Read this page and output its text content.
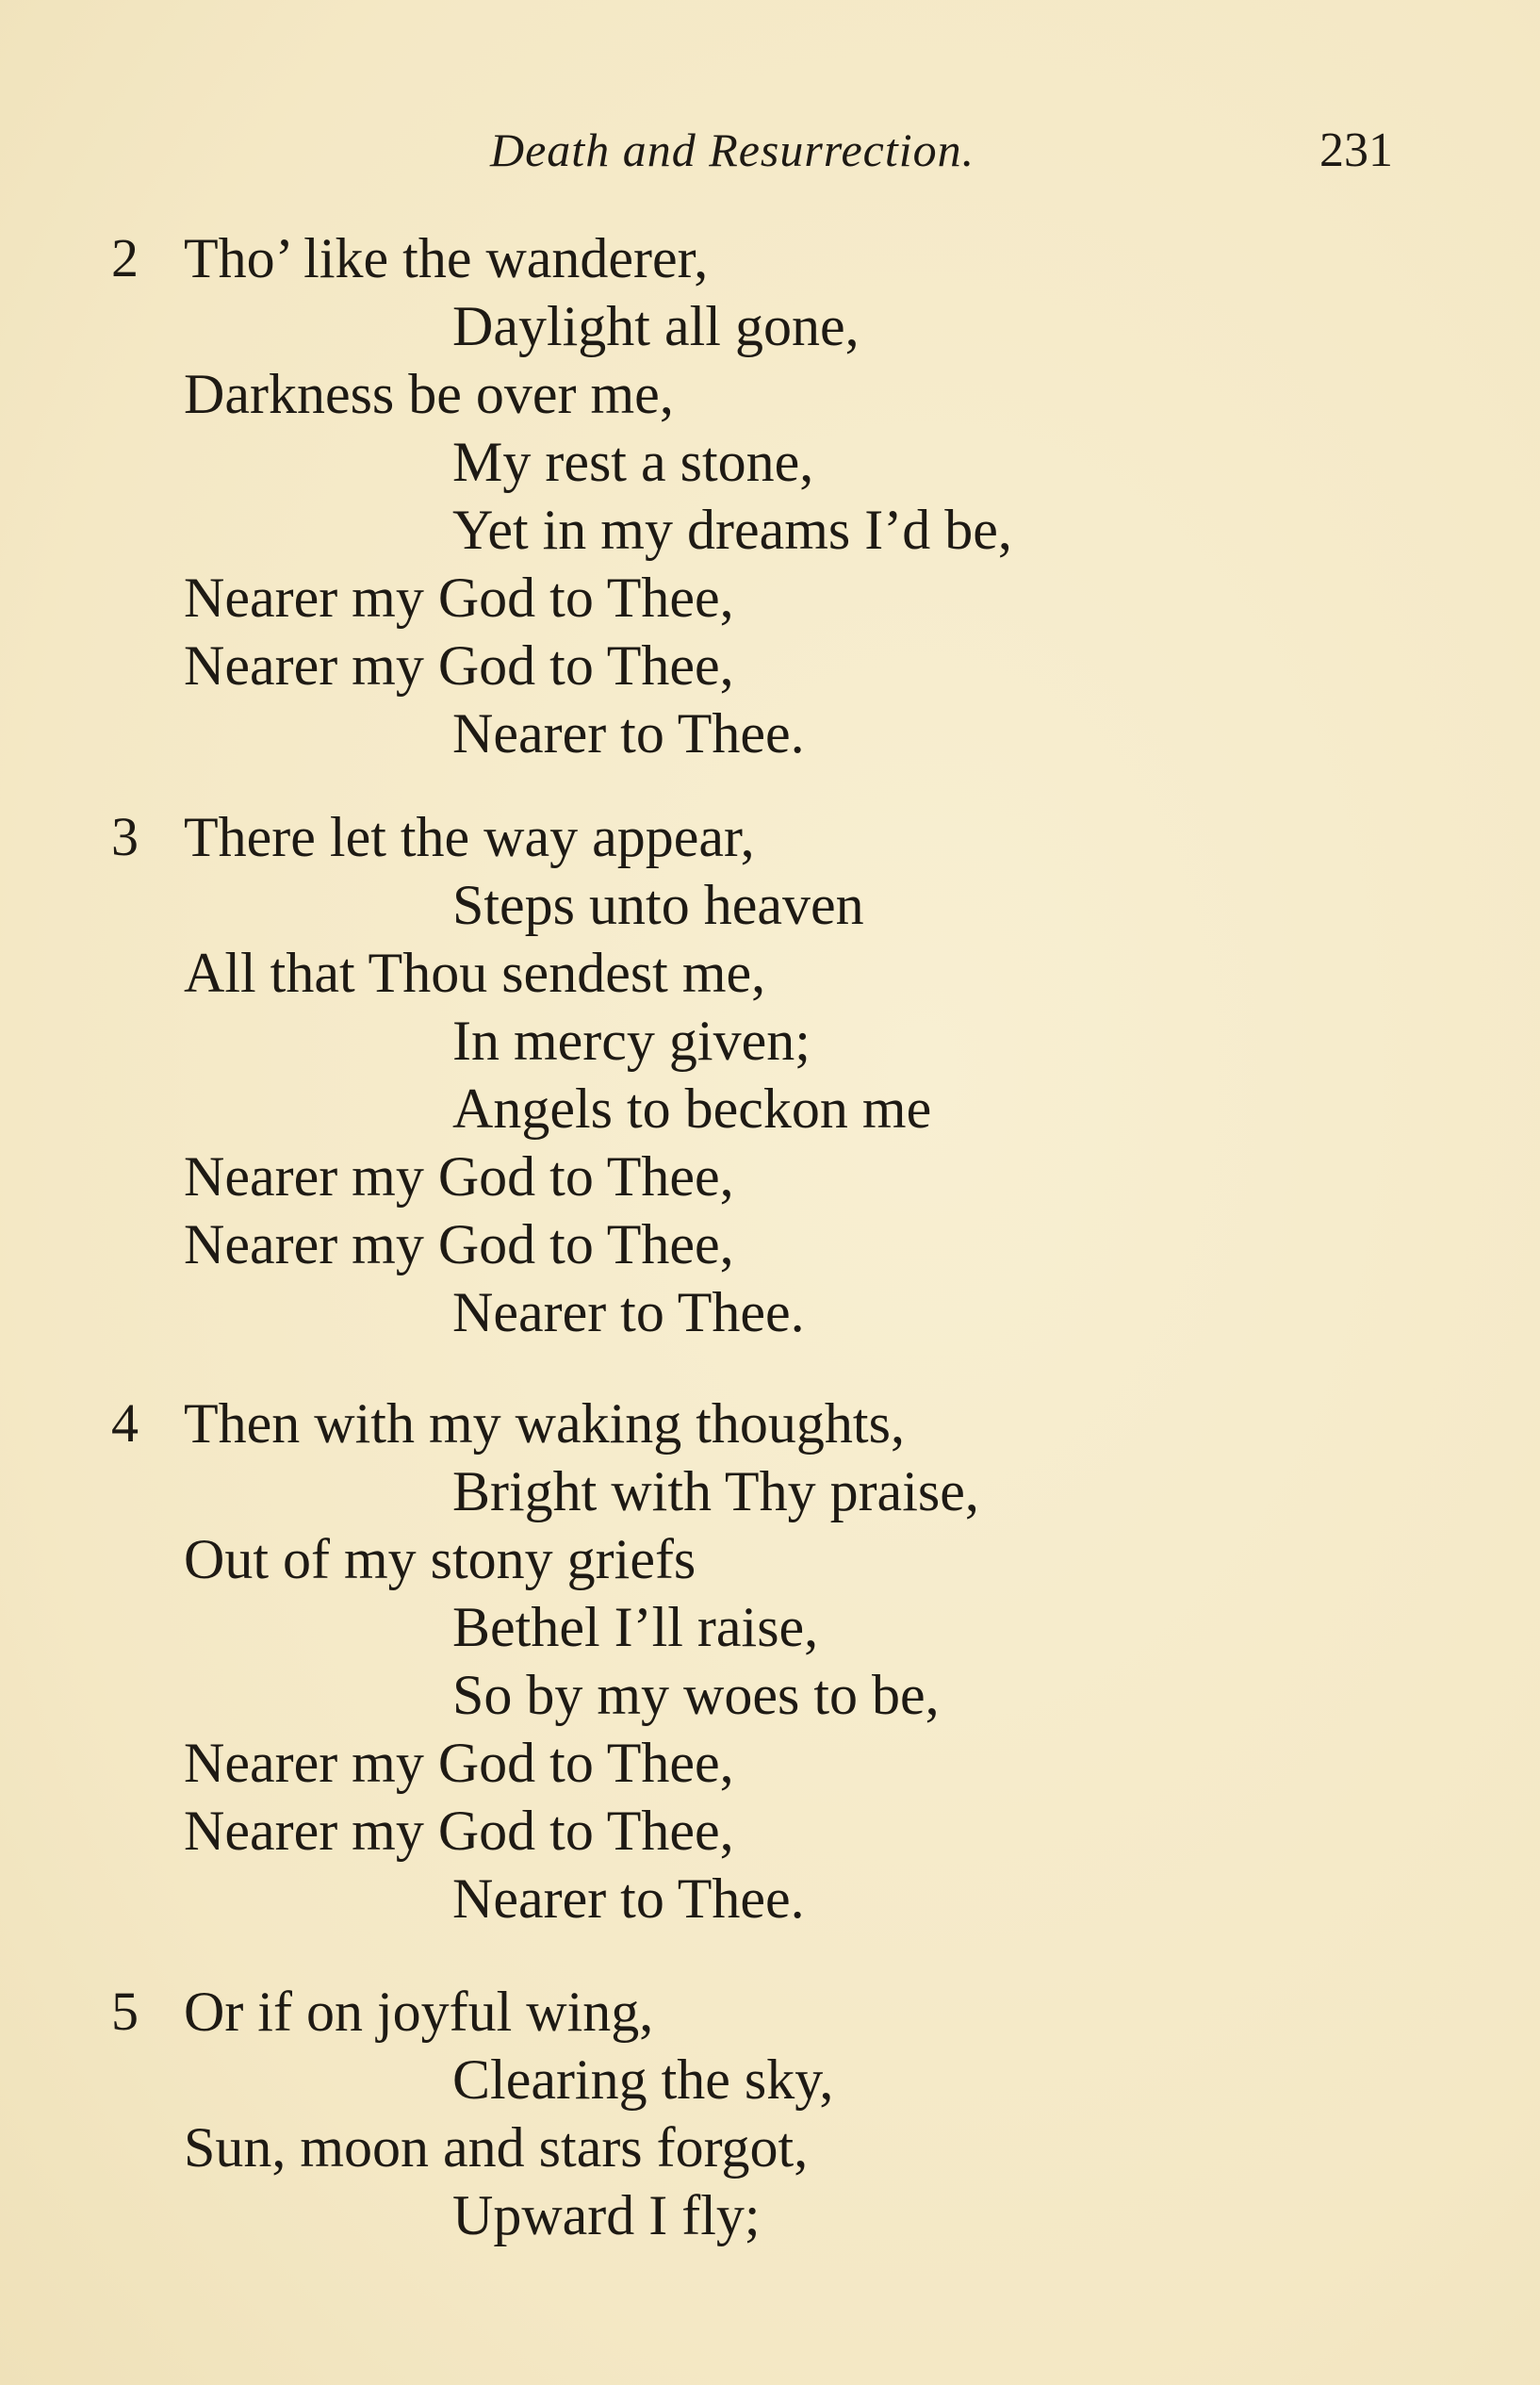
Death and Resurrection.	231
2 Tho’ like the wanderer,
Daylight all gone,
Darkness be over me,
My rest a stone,
Yet in my dreams I’d be,
Nearer my God to Thee,
Nearer my God to Thee,
Nearer to Thee.
3 There let the way appear,
Steps unto heaven
All that Thou sendest me,
In mercy given;
Angels to beckon me
Nearer my God to Thee,
Nearer my God to Thee,
Nearer to Thee.
4 Then with my waking thoughts,
Bright with Thy praise,
Out of my stony griefs
Bethel I’ll raise,
So by my woes to be,
Nearer my God to Thee,
Nearer my God to Thee,
Nearer to Thee.
5 Or if on joyful wing,
Clearing the sky,
Sun, moon and stars forgot,
Upward I fly;
